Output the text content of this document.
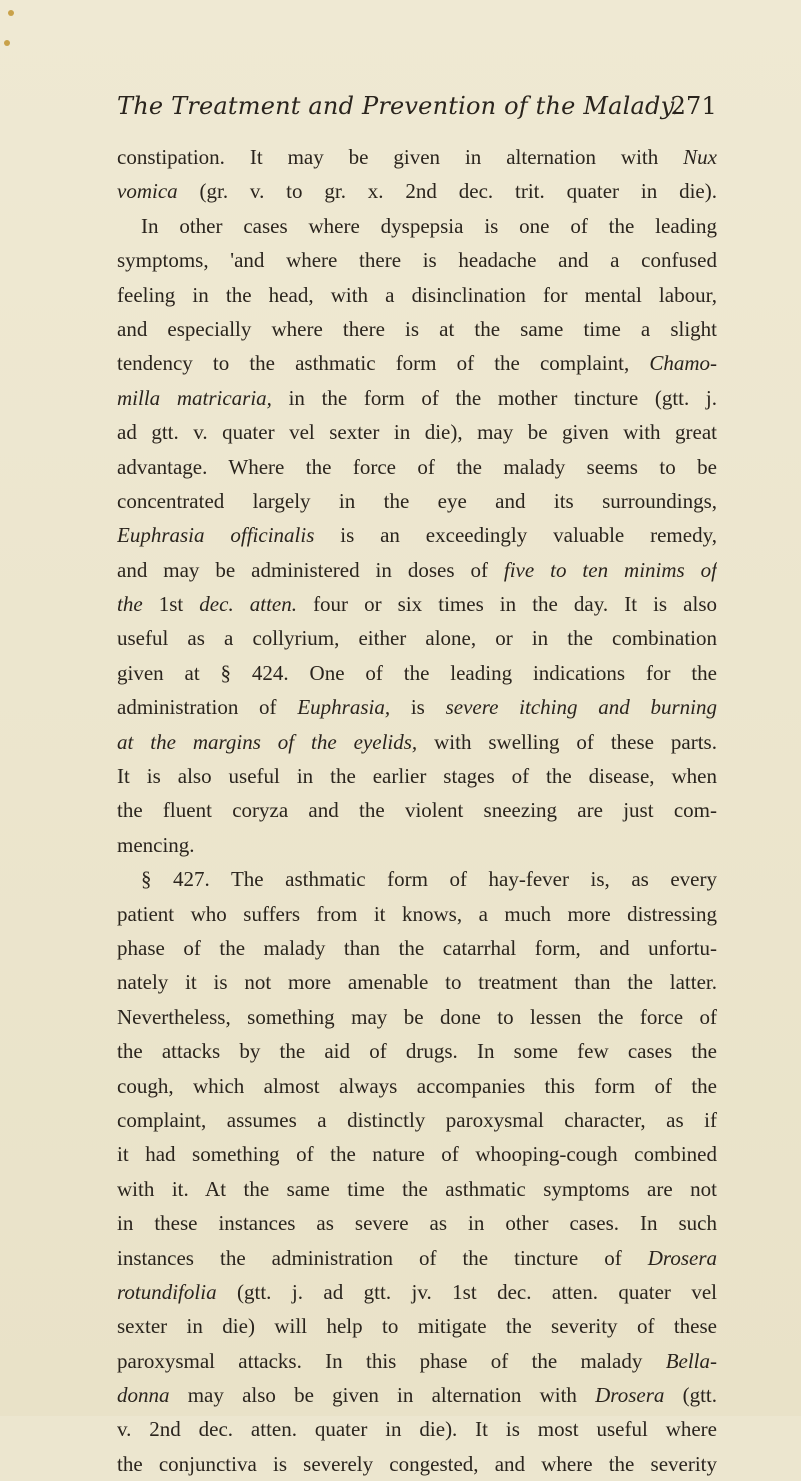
The Treatment and Prevention of the Malady.
271
constipation. It may be given in alternation with Nux
vomica (gr. v. to gr. x. 2nd dec. trit. quater in die).
In other cases where dyspepsia is one of the leading
symptoms, 'and where there is headache and a confused
feeling in the head, with a disinclination for mental labour,
and especially where there is at the same time a slight
tendency to the asthmatic form of the complaint, Chamo-
milla matricaria, in the form of the mother tincture (gtt. j.
ad gtt. v. quater vel sexter in die), may be given with great
advantage. Where the force of the malady seems to be
concentrated largely in the eye and its surroundings,
Euphrasia officinalis is an exceedingly valuable remedy,
and may be administered in doses of five to ten minims of
the 1st dec. atten. four or six times in the day. It is also
useful as a collyrium, either alone, or in the combination
given at § 424. One of the leading indications for the
administration of Euphrasia, is severe itching and burning
at the margins of the eyelids, with swelling of these parts.
It is also useful in the earlier stages of the disease, when
the fluent coryza and the violent sneezing are just com-
mencing.
§ 427. The asthmatic form of hay-fever is, as every
patient who suffers from it knows, a much more distressing
phase of the malady than the catarrhal form, and unfortu-
nately it is not more amenable to treatment than the latter.
Nevertheless, something may be done to lessen the force of
the attacks by the aid of drugs. In some few cases the
cough, which almost always accompanies this form of the
complaint, assumes a distinctly paroxysmal character, as if
it had something of the nature of whooping-cough combined
with it. At the same time the asthmatic symptoms are not
in these instances as severe as in other cases. In such
instances the administration of the tincture of Drosera
rotundifolia (gtt. j. ad gtt. jv. 1st dec. atten. quater vel
sexter in die) will help to mitigate the severity of these
paroxysmal attacks. In this phase of the malady Bella-
donna may also be given in alternation with Drosera (gtt.
v. 2nd dec. atten. quater in die). It is most useful where
the conjunctiva is severely congested, and where the severity
